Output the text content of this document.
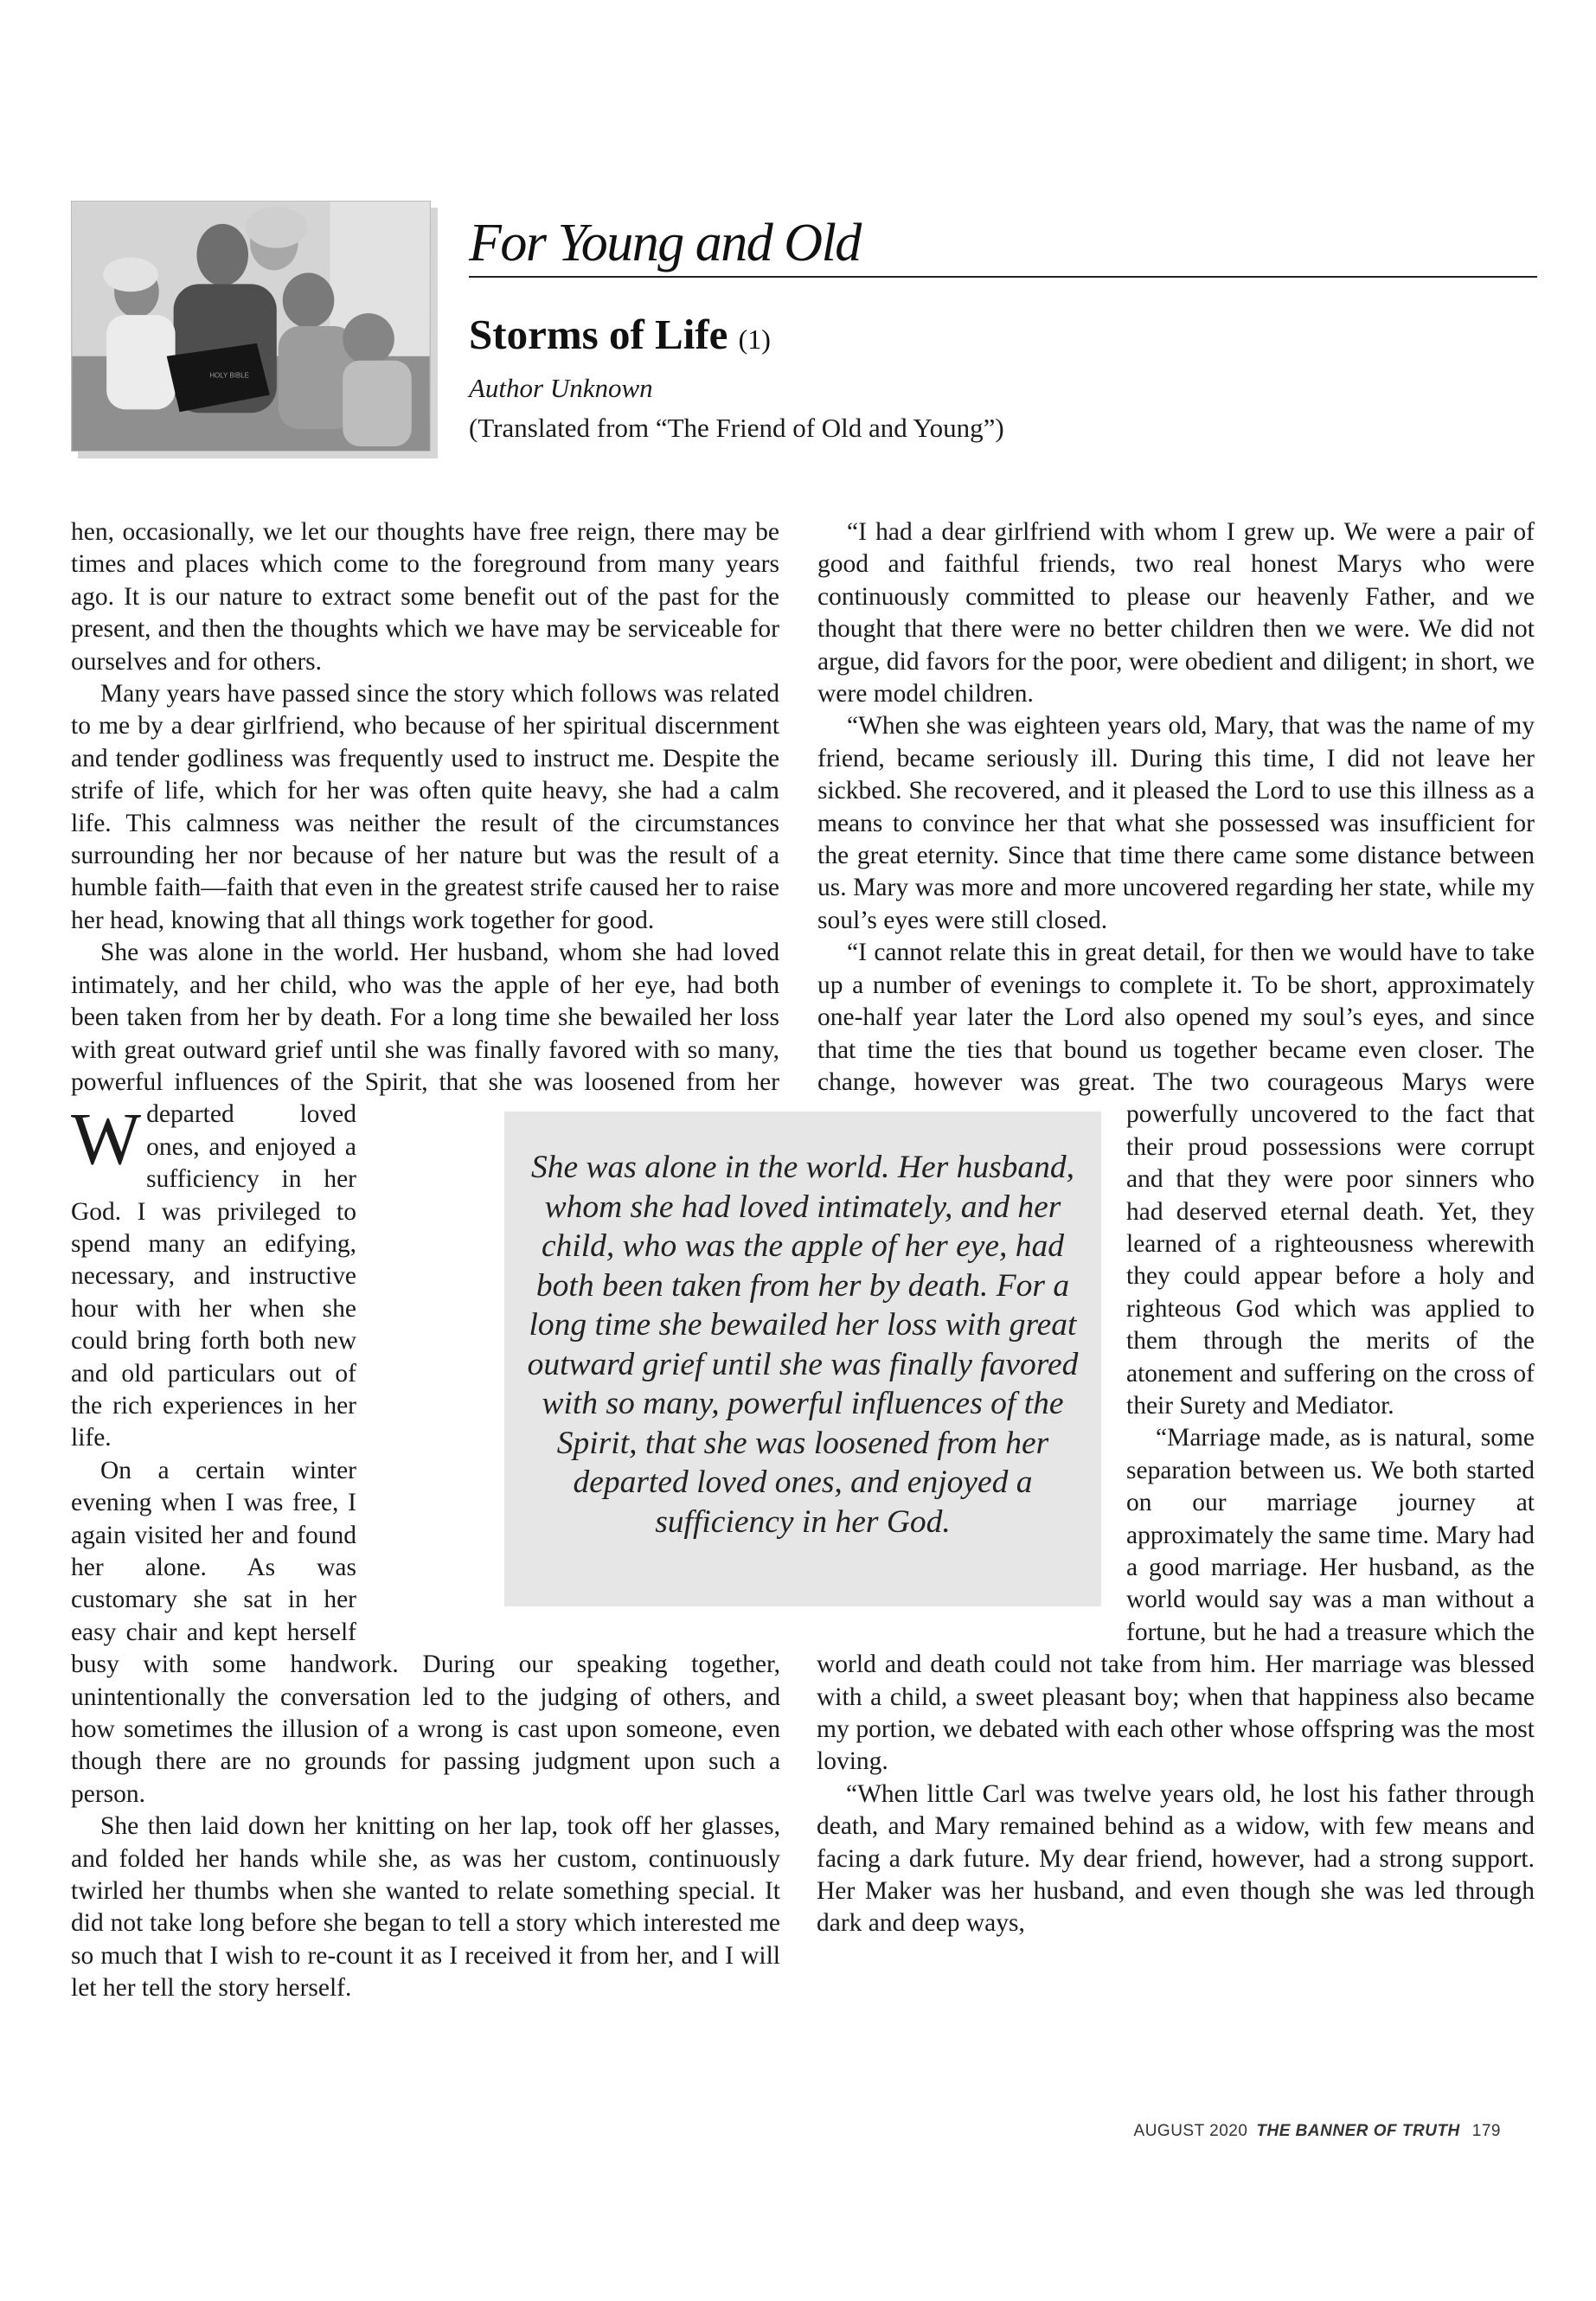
HOLY BIBLE
For Young and Old
Storms of Life (1)
Author Unknown
(Translated from “The Friend of Old and Young”)

W
hen, occasionally, we let our thoughts have free reign, there may be times and places which come to the foreground from many years ago. It is our nature to extract some benefit out of the past for the present, and then the thoughts which we have may be serviceable for ourselves and for others.

Many years have passed since the story which follows was related to me by a dear girlfriend, who because of her spiritual discernment and tender godliness was frequently used to instruct me. Despite the strife of life, which for her was often quite heavy, she had a calm life. This calmness was neither the result of the circumstances surrounding her nor because of her nature but was the result of a humble faith—faith that even in the greatest strife caused her to raise her head, knowing that all things work together for good.

She was alone in the world. Her husband, whom she had loved intimately, and her child, who was the apple of her eye, had both been taken from her by death. For a long time she bewailed her loss with great outward grief until she was finally favored with so many, powerful influences of the Spirit, that she was loosened from her departed loved ones, and enjoyed a sufficiency in her God. I was privileged to spend many an edifying, necessary, and instructive hour with her when she could bring forth both new and old particulars out of the rich experiences in her life.

On a certain winter evening when I was free, I again visited her and found her alone. As was customary she sat in her easy chair and kept herself busy with some handwork. During our speaking together, unintentionally the conversation led to the judging of others, and how sometimes the illusion of a wrong is cast upon someone, even though there are no grounds for passing judgment upon such a person.

She then laid down her knitting on her lap, took off her glasses, and folded her hands while she, as was her custom, continuously twirled her thumbs when she wanted to relate something special. It did not take long before she began to tell a story which interested me so much that I wish to re-count it as I received it from her, and I will let her tell the story herself.

“I had a dear girlfriend with whom I grew up. We were a pair of good and faithful friends, two real honest Marys who were continuously committed to please our heavenly Father, and we thought that there were no better children then we were. We did not argue, did favors for the poor, were obedient and diligent; in short, we were model children.

“When she was eighteen years old, Mary, that was the name of my friend, became seriously ill. During this time, I did not leave her sickbed. She recovered, and it pleased the Lord to use this illness as a means to convince her that what she possessed was insufficient for the great eternity. Since that time there came some distance between us. Mary was more and more uncovered regarding her state, while my soul’s eyes were still closed.

“I cannot relate this in great detail, for then we would have to take up a number of evenings to complete it. To be short, approximately one-half year later the Lord also opened my soul’s eyes, and since that time the ties that bound us together became even closer. The change, however was great. The two courageous Marys were powerfully uncovered to the fact that their proud possessions were corrupt and that they were poor sinners who had deserved eternal death. Yet, they learned of a righteousness wherewith they could appear before a holy and righteous God which was applied to them through the merits of the atonement and suffering on the cross of their Surety and Mediator.

“Marriage made, as is natural, some separation between us. We both started on our marriage journey at approximately the same time. Mary had a good marriage. Her husband, as the world would say was a man without a fortune, but he had a treasure which the world and death could not take from him. Her marriage was blessed with a child, a sweet pleasant boy; when that happiness also became my portion, we debated with each other whose offspring was the most loving.

“When little Carl was twelve years old, he lost his father through death, and Mary remained behind as a widow, with few means and facing a dark future. My dear friend, however, had a strong support. Her Maker was her husband, and even though she was led through dark and deep ways,

She was alone in the world. Her husband, whom she had loved intimately, and her child, who was the apple of her eye, had both been taken from her by death. For a long time she bewailed her loss with great outward grief until she was finally favored with so many, powerful influences of the Spirit, that she was loosened from her departed loved ones, and enjoyed a sufficiency in her God.
AUGUST 2020 THE BANNER OF TRUTH 179
